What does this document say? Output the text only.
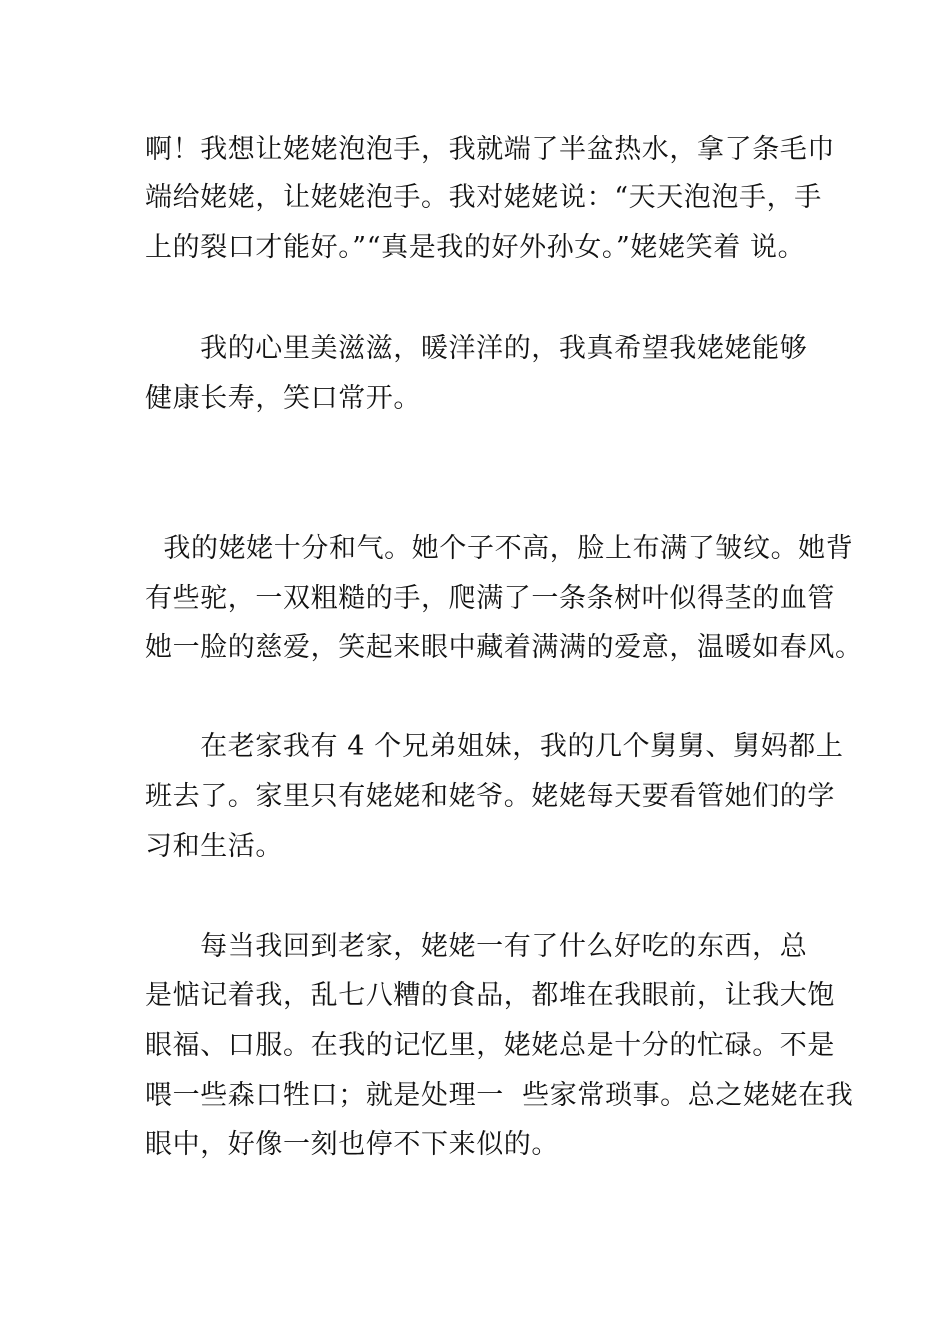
啊！我想让姥姥泡泡手，我就端了半盆热水，拿了条毛巾
端给姥姥，让姥姥泡手。我对姥姥说：“天天泡泡手，手
上的裂口才能好。”“真是我的好外孙女。”姥姥笑着 说。
我的心里美滋滋，暖洋洋的，我真希望我姥姥能够
健康长寿，笑口常开。
我的姥姥十分和气。她个子不高，脸上布满了皱纹。她背
有些驼，一双粗糙的手，爬满了一条条树叶似得茎的血管
她一脸的慈爱，笑起来眼中藏着满满的爱意，温暖如春风。
在老家我有 4 个兄弟姐妹，我的几个舅舅、舅妈都上
班去了。家里只有姥姥和姥爷。姥姥每天要看管她们的学
习和生活。
每当我回到老家，姥姥一有了什么好吃的东西，总
是惦记着我，乱七八糟的食品，都堆在我眼前，让我大饱
眼福、口服。在我的记忆里，姥姥总是十分的忙碌。不是
喂一些森口牲口；就是处理一  些家常琐事。总之姥姥在我
眼中，好像一刻也停不下来似的。
